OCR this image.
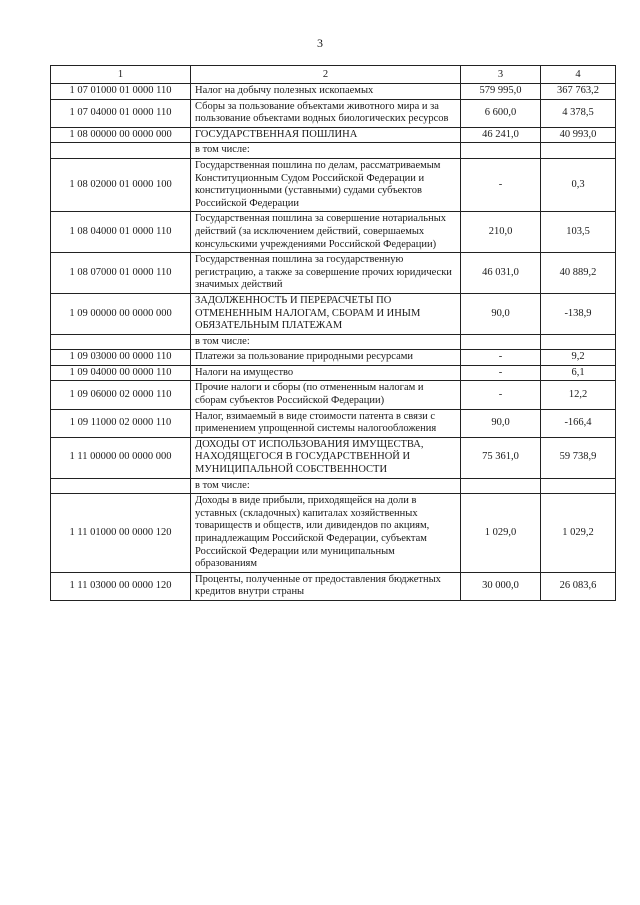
3
1	2	3	4
1 07 01000 01 0000 110	Налог на добычу полезных ископаемых	579 995,0	367 763,2
1 07 04000 01 0000 110	Сборы за пользование объектами животного мира и за пользование объектами водных биологических ресурсов	6 600,0	4 378,5
1 08 00000 00 0000 000	ГОСУДАРСТВЕННАЯ ПОШЛИНА	46 241,0	40 993,0
	в том числе:		
1 08 02000 01 0000 100	Государственная пошлина по делам, рассматриваемым Конституционным Судом Российской Федерации и конституционными (уставными) судами субъектов Российской Федерации	-	0,3
1 08 04000 01 0000 110	Государственная пошлина за совершение нотариальных действий (за исключением действий, совершаемых консульскими учреждениями Российской Федерации)	210,0	103,5
1 08 07000 01 0000 110	Государственная пошлина за государственную регистрацию, а также за совершение прочих юридически значимых действий	46 031,0	40 889,2
1 09 00000 00 0000 000	ЗАДОЛЖЕННОСТЬ И ПЕРЕРАСЧЕТЫ ПО ОТМЕНЕННЫМ НАЛОГАМ, СБОРАМ И ИНЫМ ОБЯЗАТЕЛЬНЫМ ПЛАТЕЖАМ	90,0	-138,9
	в том числе:		
1 09 03000 00 0000 110	Платежи за пользование природными ресурсами	-	9,2
1 09 04000 00 0000 110	Налоги на имущество	-	6,1
1 09 06000 02 0000 110	Прочие налоги и сборы (по отмененным налогам и сборам субъектов Российской Федерации)	-	12,2
1 09 11000 02 0000 110	Налог, взимаемый в виде стоимости патента в связи с применением упрощенной системы налогообложения	90,0	-166,4
1 11 00000 00 0000 000	ДОХОДЫ ОТ ИСПОЛЬЗОВАНИЯ ИМУЩЕСТВА, НАХОДЯЩЕГОСЯ В ГОСУДАРСТВЕННОЙ И МУНИЦИПАЛЬНОЙ СОБСТВЕННОСТИ	75 361,0	59 738,9
	в том числе:		
1 11 01000 00 0000 120	Доходы в виде прибыли, приходящейся на доли в уставных (складочных) капиталах хозяйственных товариществ и обществ, или дивидендов по акциям, принадлежащим Российской Федерации, субъектам Российской Федерации или муниципальным образованиям	1 029,0	1 029,2
1 11 03000 00 0000 120	Проценты, полученные от предоставления бюджетных кредитов внутри страны	30 000,0	26 083,6
